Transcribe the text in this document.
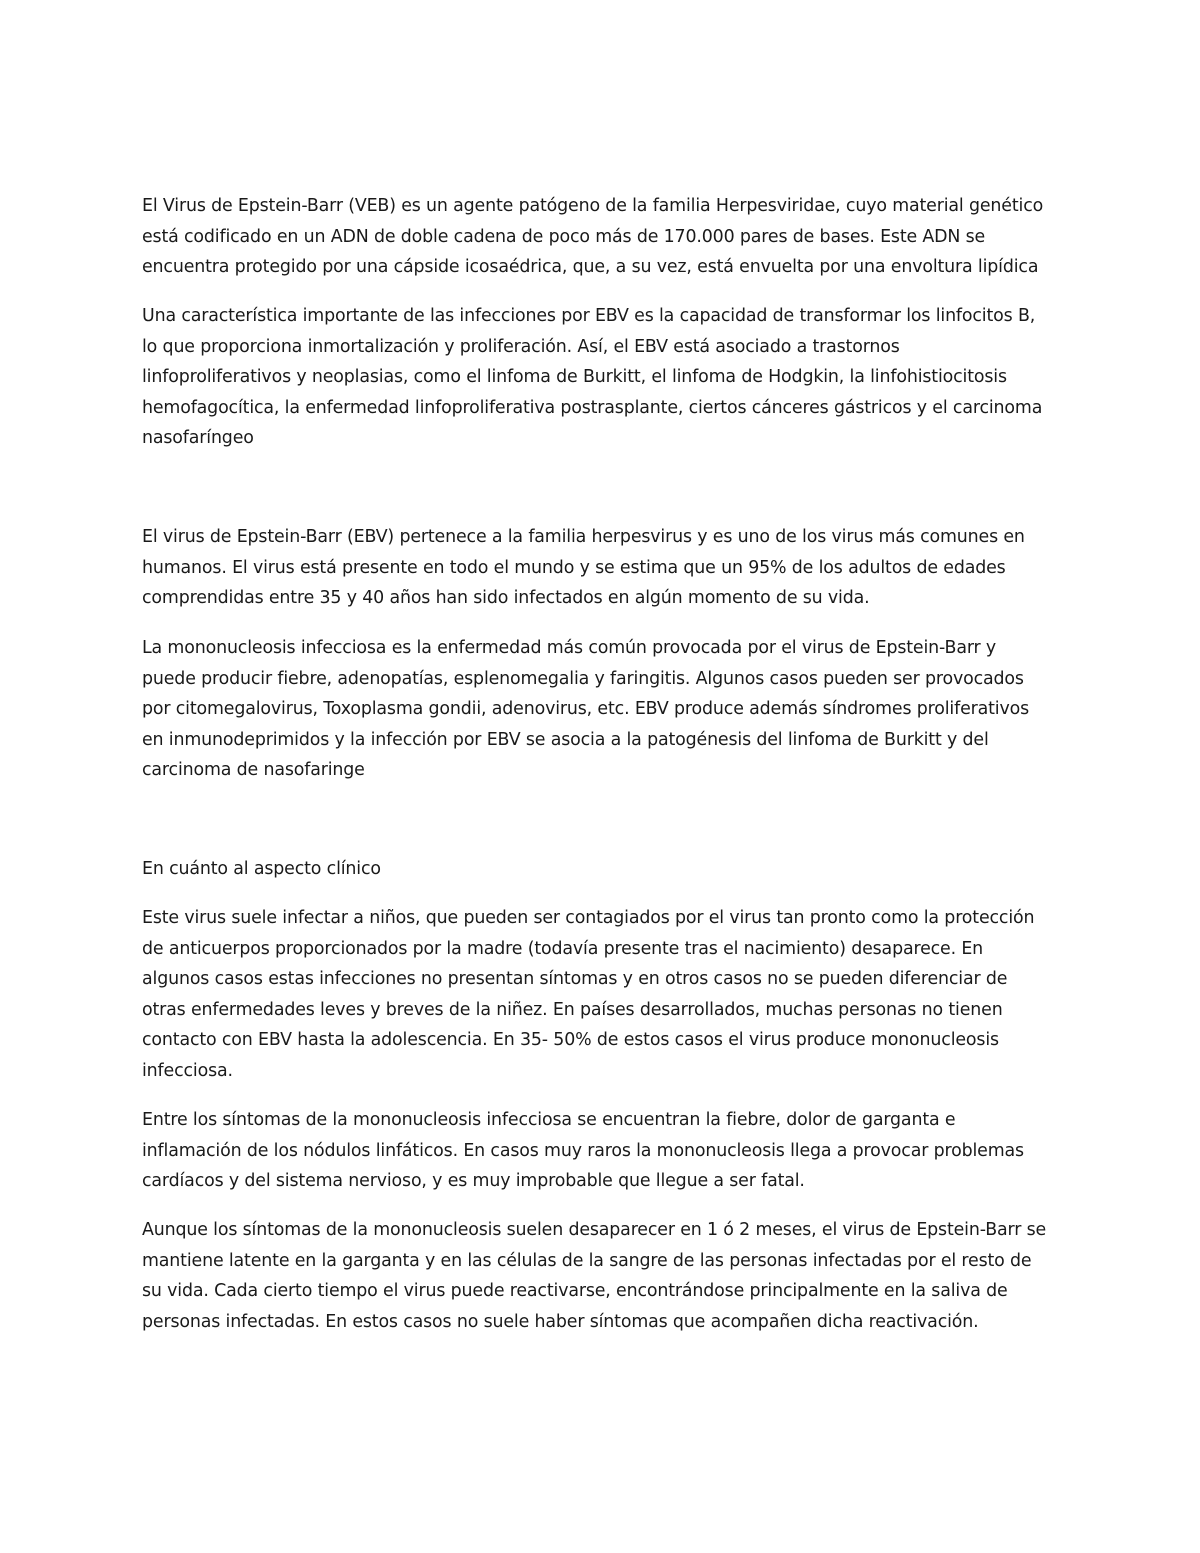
El Virus de Epstein-Barr (VEB) es un agente patógeno de la familia Herpesviridae, cuyo material genético
está codificado en un ADN de doble cadena de poco más de 170.000 pares de bases. Este ADN se
encuentra protegido por una cápside icosaédrica, que, a su vez, está envuelta por una envoltura lipídica

Una característica importante de las infecciones por EBV es la capacidad de transformar los linfocitos B,
lo que proporciona inmortalización y proliferación. Así, el EBV está asociado a trastornos
linfoproliferativos y neoplasias, como el linfoma de Burkitt, el linfoma de Hodgkin, la linfohistiocitosis
hemofagocítica, la enfermedad linfoproliferativa postrasplante, ciertos cánceres gástricos y el carcinoma
nasofaríngeo

El virus de Epstein-Barr (EBV) pertenece a la familia herpesvirus y es uno de los virus más comunes en
humanos. El virus está presente en todo el mundo y se estima que un 95% de los adultos de edades
comprendidas entre 35 y 40 años han sido infectados en algún momento de su vida.

La mononucleosis infecciosa es la enfermedad más común provocada por el virus de Epstein-Barr y
puede producir fiebre, adenopatías, esplenomegalia y faringitis. Algunos casos pueden ser provocados
por citomegalovirus, Toxoplasma gondii, adenovirus, etc. EBV produce además síndromes proliferativos
en inmunodeprimidos y la infección por EBV se asocia a la patogénesis del linfoma de Burkitt y del
carcinoma de nasofaringe

En cuánto al aspecto clínico

Este virus suele infectar a niños, que pueden ser contagiados por el virus tan pronto como la protección
de anticuerpos proporcionados por la madre (todavía presente tras el nacimiento) desaparece. En
algunos casos estas infecciones no presentan síntomas y en otros casos no se pueden diferenciar de
otras enfermedades leves y breves de la niñez. En países desarrollados, muchas personas no tienen
contacto con EBV hasta la adolescencia. En 35- 50% de estos casos el virus produce mononucleosis
infecciosa.

Entre los síntomas de la mononucleosis infecciosa se encuentran la fiebre, dolor de garganta e
inflamación de los nódulos linfáticos. En casos muy raros la mononucleosis llega a provocar problemas
cardíacos y del sistema nervioso, y es muy improbable que llegue a ser fatal.

Aunque los síntomas de la mononucleosis suelen desaparecer en 1 ó 2 meses, el virus de Epstein-Barr se
mantiene latente en la garganta y en las células de la sangre de las personas infectadas por el resto de
su vida. Cada cierto tiempo el virus puede reactivarse, encontrándose principalmente en la saliva de
personas infectadas. En estos casos no suele haber síntomas que acompañen dicha reactivación.
